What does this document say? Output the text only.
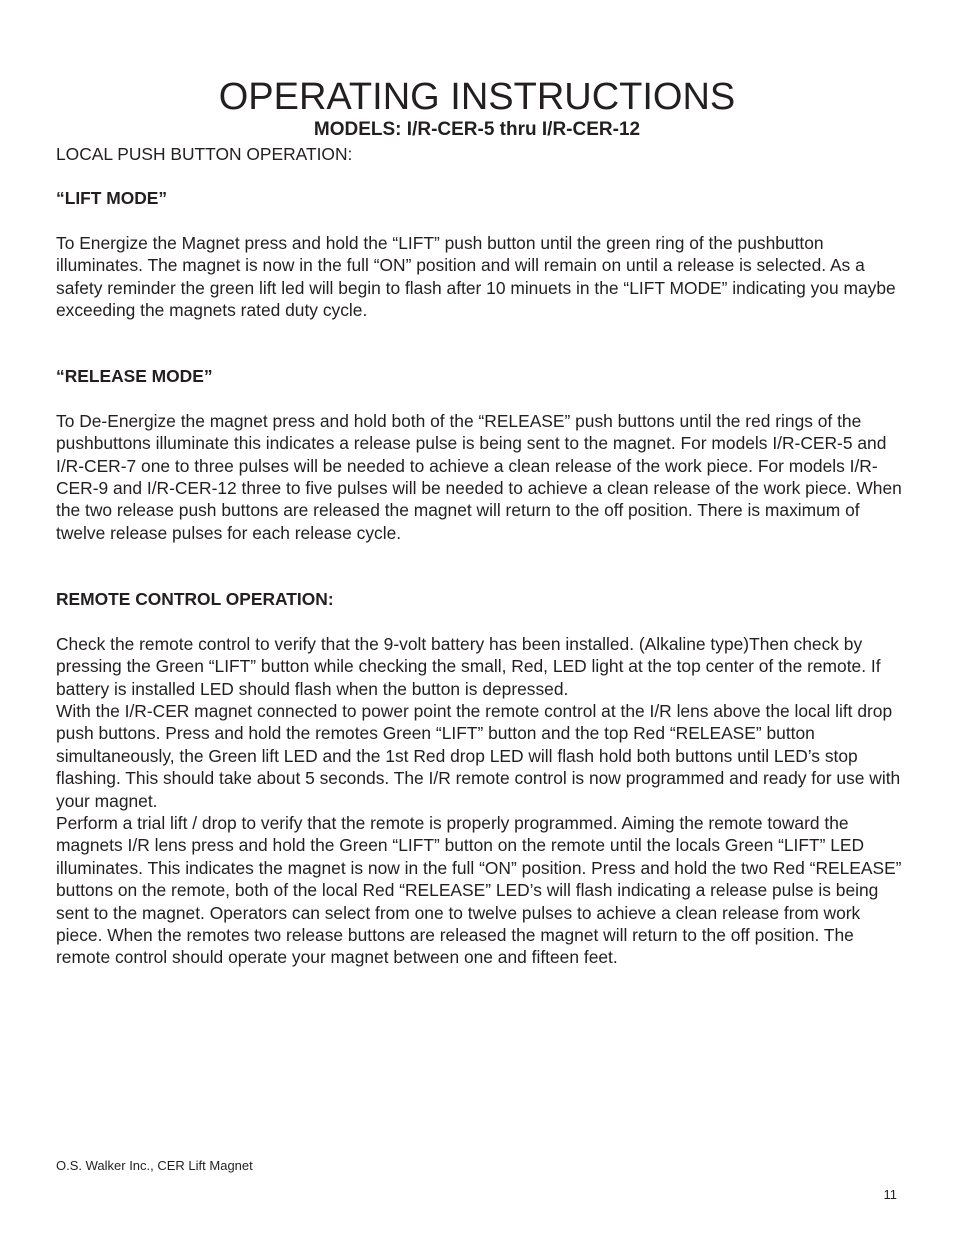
OPERATING INSTRUCTIONS
MODELS: I/R-CER-5 thru I/R-CER-12

LOCAL PUSH BUTTON OPERATION:

“LIFT MODE”

To Energize the Magnet press and hold the “LIFT” push button until the green ring of the pushbutton illuminates. The magnet is now in the full “ON” position and will remain on until a release is selected. As a safety reminder the green lift led will begin to flash after 10 minuets in the “LIFT MODE” indicating you maybe exceeding the magnets rated duty cycle.

“RELEASE MODE”

To De-Energize the magnet press and hold both of the “RELEASE” push buttons until the red rings of the pushbuttons illuminate this indicates a release pulse is being sent to the magnet. For models I/R-CER-5 and I/R-CER-7 one to three pulses will be needed to achieve a clean release of the work piece. For models I/R-CER-9 and I/R-CER-12 three to five pulses will be needed to achieve a clean release of the work piece. When the two release push buttons are released the magnet will return to the off position. There is maximum of twelve release pulses for each release cycle.

REMOTE CONTROL OPERATION:

Check the remote control to verify that the 9-volt battery has been installed. (Alkaline type)Then check by pressing the Green “LIFT” button while checking the small, Red, LED light at the top center of the remote. If battery is installed LED should flash when the button is depressed.

With the I/R-CER magnet connected to power point the remote control at the I/R lens above the local lift drop push buttons. Press and hold the remotes Green “LIFT” button and the top Red “RELEASE” button simultaneously, the Green lift LED and the 1st Red drop LED will flash hold both buttons until LED’s stop flashing. This should take about 5 seconds. The I/R remote control is now programmed and ready for use with your magnet.

Perform a trial lift / drop to verify that the remote is properly programmed. Aiming the remote toward the magnets I/R lens press and hold the Green “LIFT” button on the remote until the locals Green “LIFT” LED illuminates. This indicates the magnet is now in the full “ON” position. Press and hold the two Red “RELEASE” buttons on the remote, both of the local Red “RELEASE” LED’s will flash indicating a release pulse is being sent to the magnet. Operators can select from one to twelve pulses to achieve a clean release from work piece. When the remotes two release buttons are released the magnet will return to the off position. The remote control should operate your magnet between one and fifteen feet.

O.S. Walker Inc., CER Lift Magnet
11
